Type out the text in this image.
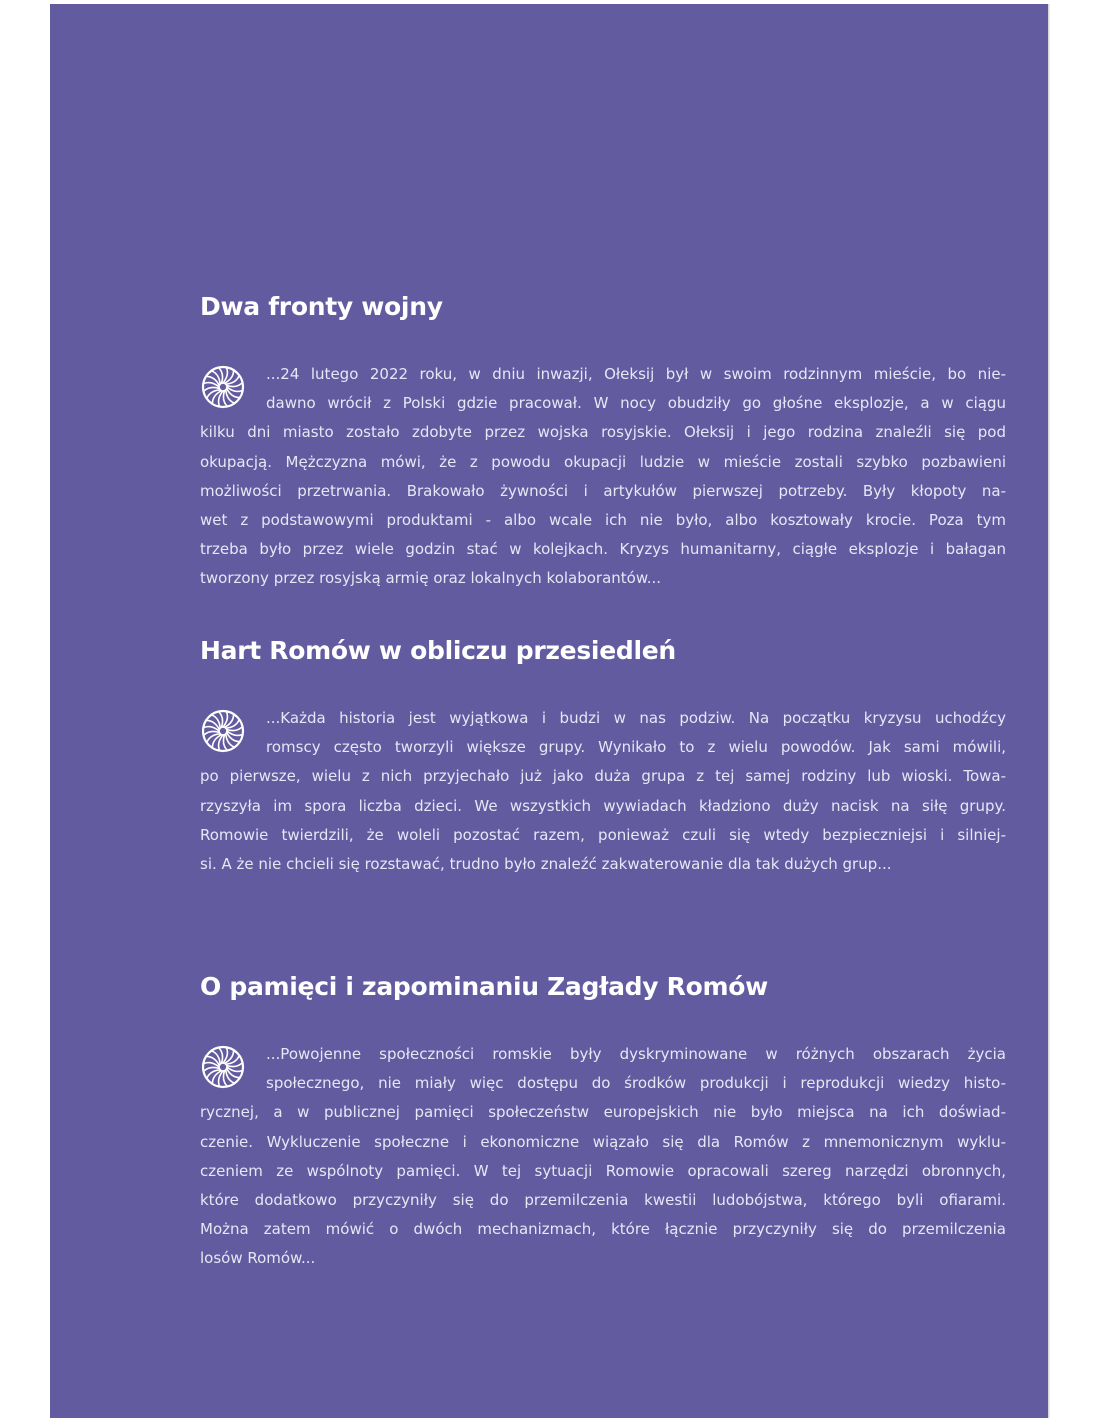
Dwa fronty wojny
...24 lutego 2022 roku, w dniu inwazji, Ołeksij był w swoim rodzinnym mieście, bo nie-
dawno wrócił z Polski gdzie pracował. W nocy obudziły go głośne eksplozje, a w ciągu
kilku dni miasto zostało zdobyte przez wojska rosyjskie. Ołeksij i jego rodzina znaleźli się pod
okupacją. Mężczyzna mówi, że z powodu okupacji ludzie w mieście zostali szybko pozbawieni
możliwości przetrwania. Brakowało żywności i artykułów pierwszej potrzeby. Były kłopoty na-
wet z podstawowymi produktami - albo wcale ich nie było, albo kosztowały krocie. Poza tym
trzeba było przez wiele godzin stać w kolejkach. Kryzys humanitarny, ciągłe eksplozje i bałagan
tworzony przez rosyjską armię oraz lokalnych kolaborantów...
Hart Romów w obliczu przesiedleń
...Każda historia jest wyjątkowa i budzi w nas podziw. Na początku kryzysu uchodźcy
romscy często tworzyli większe grupy. Wynikało to z wielu powodów. Jak sami mówili,
po pierwsze, wielu z nich przyjechało już jako duża grupa z tej samej rodziny lub wioski. Towa-
rzyszyła im spora liczba dzieci. We wszystkich wywiadach kładziono duży nacisk na siłę grupy.
Romowie twierdzili, że woleli pozostać razem, ponieważ czuli się wtedy bezpieczniejsi i silniej-
si. A że nie chcieli się rozstawać, trudno było znaleźć zakwaterowanie dla tak dużych grup...
O pamięci i zapominaniu Zagłady Romów
...Powojenne społeczności romskie były dyskryminowane w różnych obszarach życia
społecznego, nie miały więc dostępu do środków produkcji i reprodukcji wiedzy histo-
rycznej, a w publicznej pamięci społeczeństw europejskich nie było miejsca na ich doświad-
czenie. Wykluczenie społeczne i ekonomiczne wiązało się dla Romów z mnemonicznym wyklu-
czeniem ze wspólnoty pamięci. W tej sytuacji Romowie opracowali szereg narzędzi obronnych,
które dodatkowo przyczyniły się do przemilczenia kwestii ludobójstwa, którego byli ofiarami.
Można zatem mówić o dwóch mechanizmach, które łącznie przyczyniły się do przemilczenia
losów Romów...
